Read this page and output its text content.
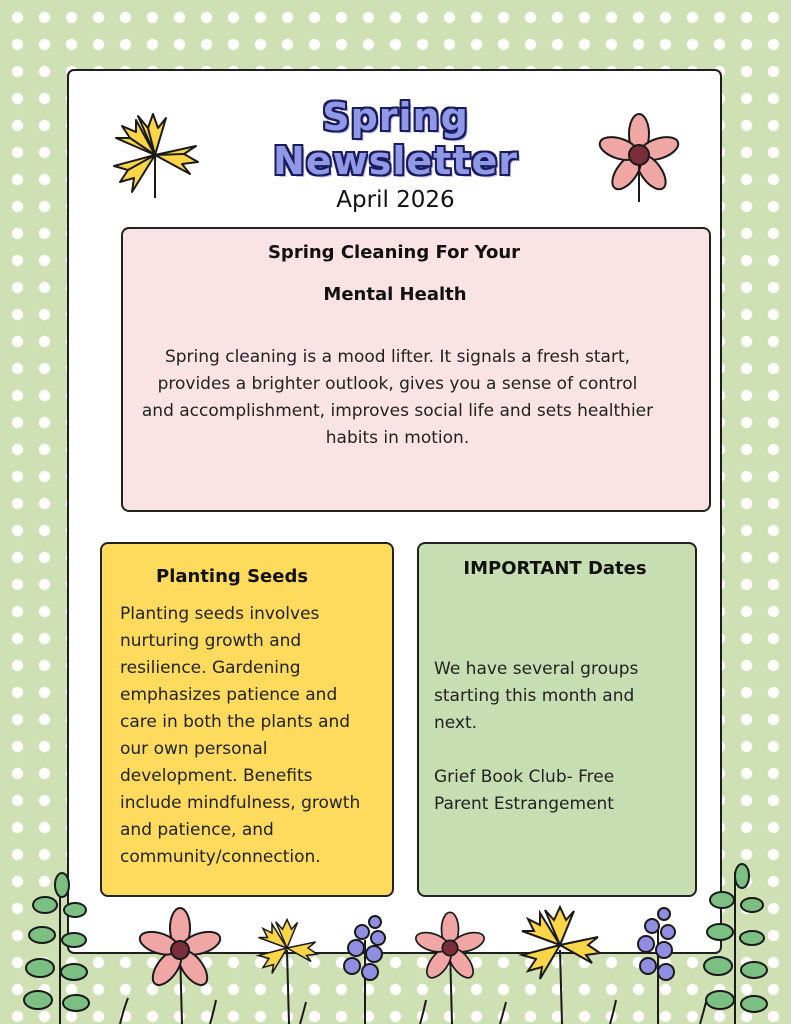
Spring
Newsletter
April 2026
Spring Cleaning For Your
Mental Health
Spring cleaning is a mood lifter. It signals a fresh start, provides a brighter outlook, gives you a sense of control and accomplishment, improves social life and sets healthier habits in motion.
Planting Seeds
Planting seeds involves nurturing growth and resilience. Gardening emphasizes patience and care in both the plants and our own personal development. Benefits include mindfulness, growth and patience, and community/connection.
IMPORTANT Dates
We have several groups starting this month and next.
Grief Book Club- Free
Parent Estrangement
